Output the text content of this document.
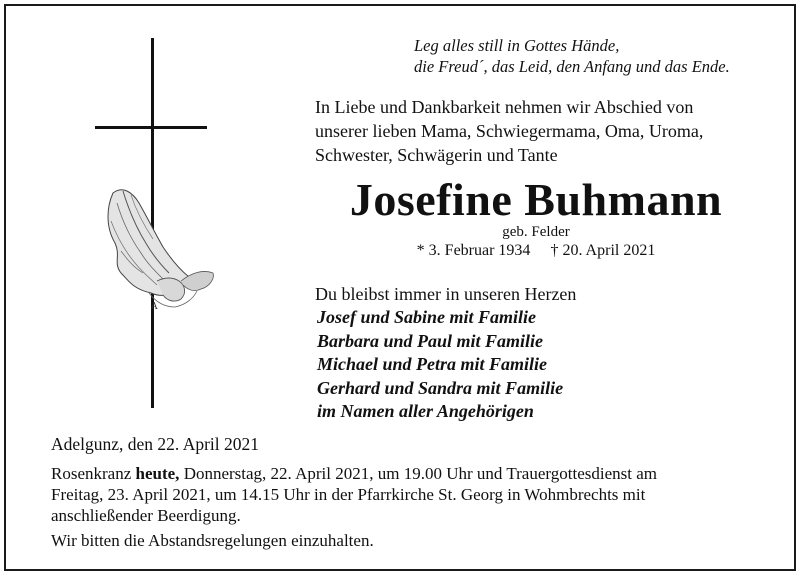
A
Leg alles still in Gottes Hände,
die Freud´, das Leid, den Anfang und das Ende.
In Liebe und Dankbarkeit nehmen wir Abschied von
unserer lieben Mama, Schwiegermama, Oma, Uroma,
Schwester, Schwägerin und Tante
Josefine Buhmann
geb. Felder
* 3. Februar 1934 † 20. April 2021
Du bleibst immer in unseren Herzen
Josef und Sabine mit Familie
Barbara und Paul mit Familie
Michael und Petra mit Familie
Gerhard und Sandra mit Familie
im Namen aller Angehörigen
Adelgunz, den 22. April 2021
Rosenkranz heute, Donnerstag, 22. April 2021, um 19.00 Uhr und Trauergottesdienst am
Freitag, 23. April 2021, um 14.15 Uhr in der Pfarrkirche St. Georg in Wohmbrechts mit
anschließender Beerdigung.
Wir bitten die Abstandsregelungen einzuhalten.
